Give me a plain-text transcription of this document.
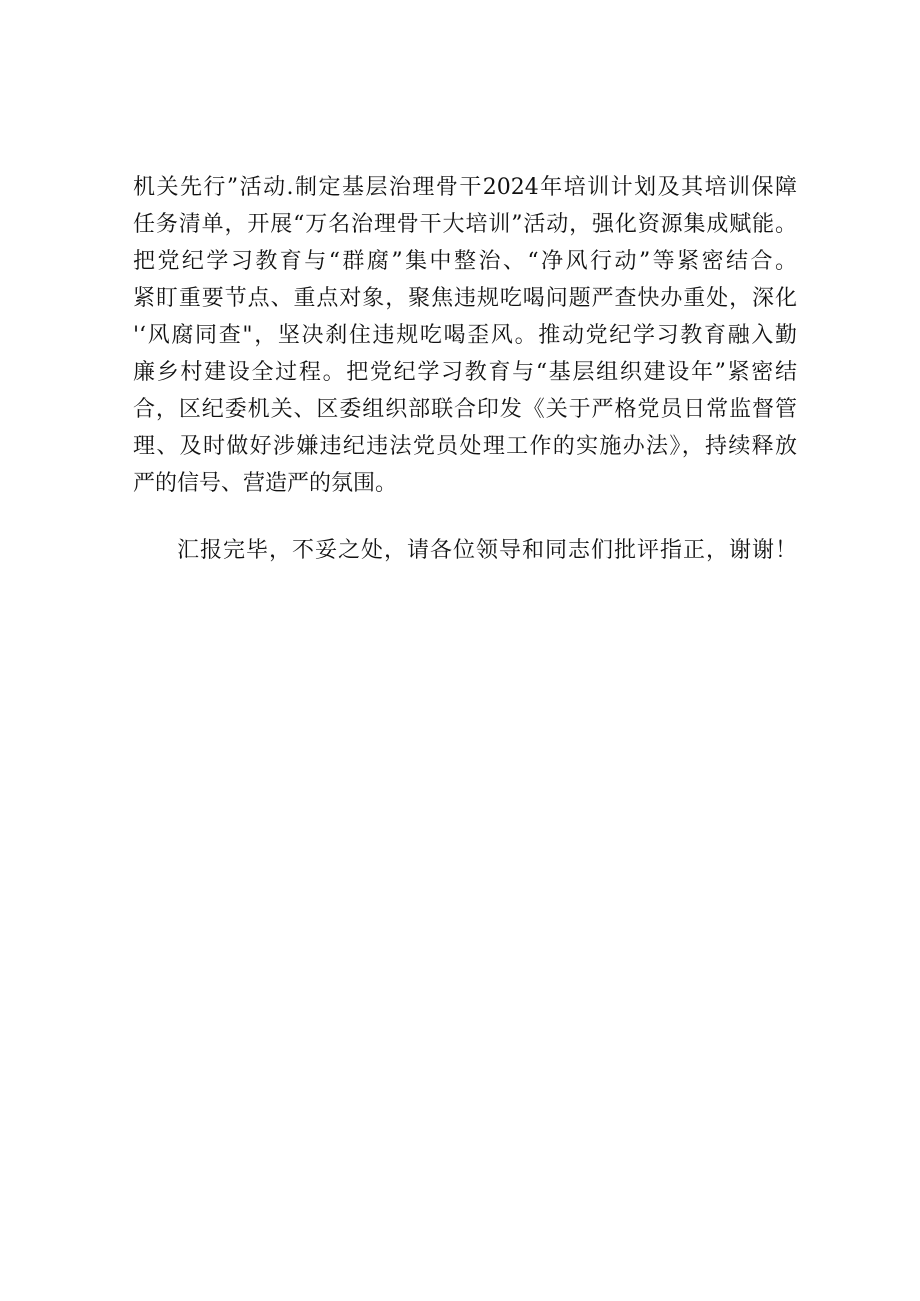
机关先行”活动.制定基层治理骨干2024年培训计划及其培训保障
任务清单，开展“万名治理骨干大培训”活动，强化资源集成赋能。
把党纪学习教育与“群腐”集中整治、“净风行动”等紧密结合。
紧盯重要节点、重点对象，聚焦违规吃喝问题严查快办重处，深化
'‘风腐同查"，坚决刹住违规吃喝歪风。推动党纪学习教育融入勤
廉乡村建设全过程。把党纪学习教育与“基层组织建设年”紧密结
合，区纪委机关、区委组织部联合印发《关于严格党员日常监督管
理、及时做好涉嫌违纪违法党员处理工作的实施办法》，持续释放
严的信号、营造严的氛围。
汇报完毕，不妥之处，请各位领导和同志们批评指正，谢谢！
